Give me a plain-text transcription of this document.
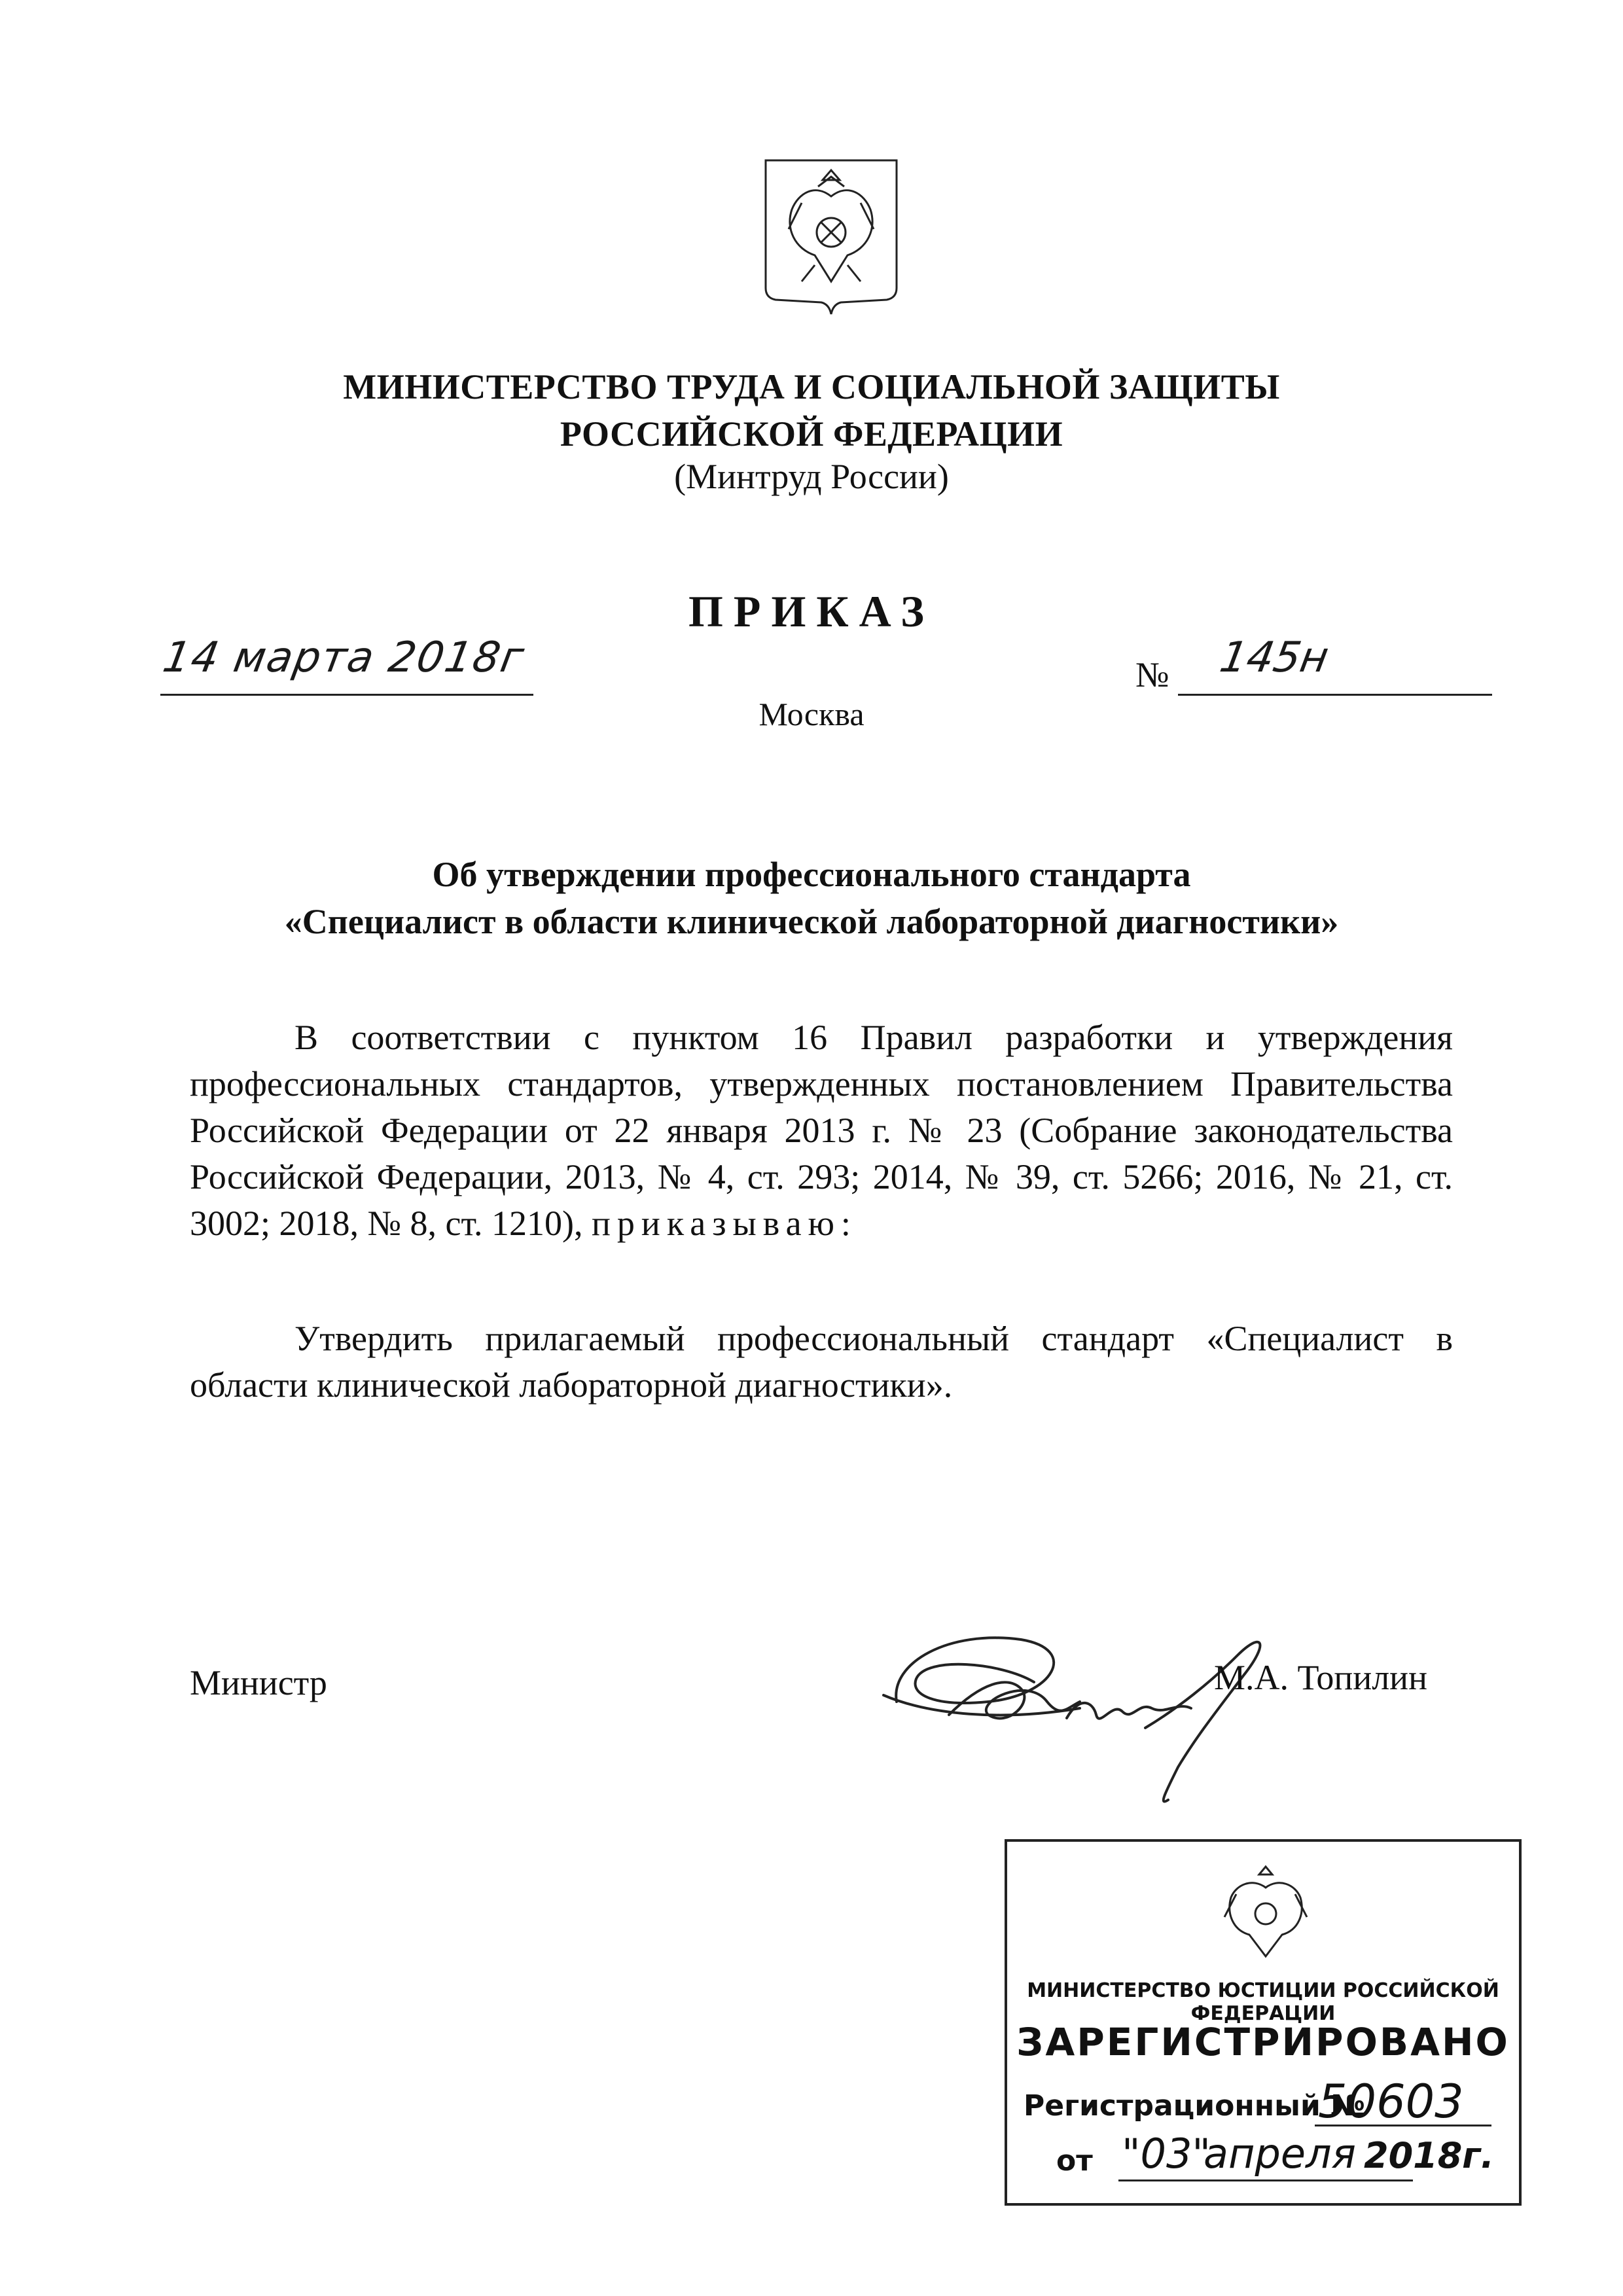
МИНИСТЕРСТВО ТРУДА И СОЦИАЛЬНОЙ ЗАЩИТЫ
РОССИЙСКОЙ ФЕДЕРАЦИИ
(Минтруд России)
ПРИКАЗ
14 марта 2018г	№ 145н
Москва
Об утверждении профессионального стандарта
«Специалист в области клинической лабораторной диагностики»
В соответствии с пунктом 16 Правил разработки и утверждения профессиональных стандартов, утвержденных постановлением Правительства Российской Федерации от 22 января 2013 г. № 23 (Собрание законодательства Российской Федерации, 2013, № 4, ст. 293; 2014, № 39, ст. 5266; 2016, № 21, ст. 3002; 2018, № 8, ст. 1210), приказываю:
Утвердить прилагаемый профессиональный стандарт «Специалист в области клинической лабораторной диагностики».
Министр	М.А. Топилин
МИНИСТЕРСТВО ЮСТИЦИИ РОССИЙСКОЙ ФЕДЕРАЦИИ
ЗАРЕГИСТРИРОВАНО
Регистрационный №
50603
от "03"
апреля 2018г.
